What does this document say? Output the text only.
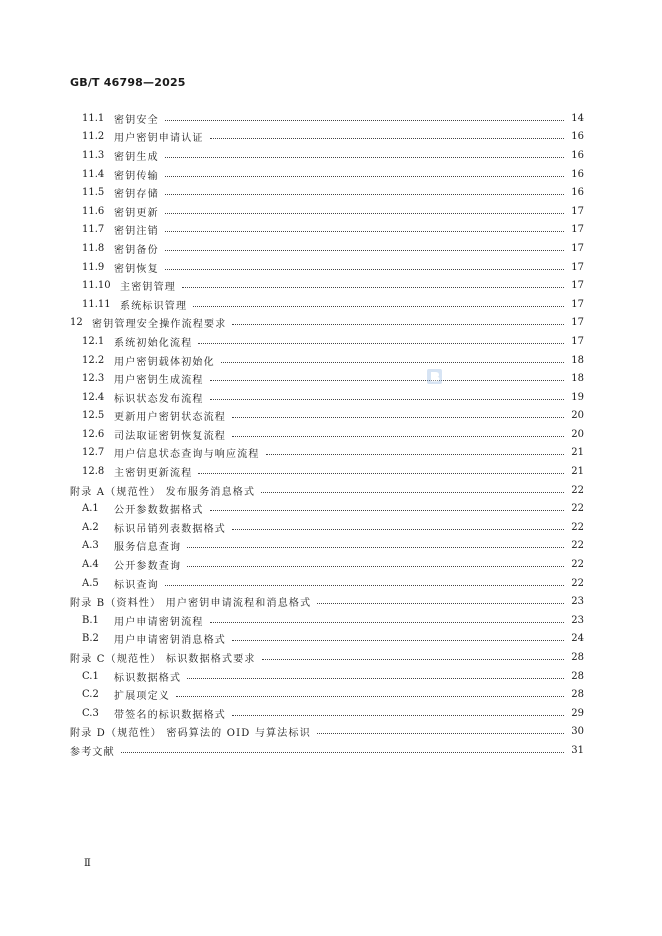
GB/T 46798—2025
11.1 密钥安全	14
11.2 用户密钥申请认证	16
11.3 密钥生成	16
11.4 密钥传输	16
11.5 密钥存储	16
11.6 密钥更新	17
11.7 密钥注销	17
11.8 密钥备份	17
11.9 密钥恢复	17
11.10 主密钥管理	17
11.11 系统标识管理	17
12 密钥管理安全操作流程要求	17
12.1 系统初始化流程	17
12.2 用户密钥载体初始化	18
12.3 用户密钥生成流程	18
12.4 标识状态发布流程	19
12.5 更新用户密钥状态流程	20
12.6 司法取证密钥恢复流程	20
12.7 用户信息状态查询与响应流程	21
12.8 主密钥更新流程	21
附录 A（规范性） 发布服务消息格式	22
A.1	公开参数数据格式	22
A.2	标识吊销列表数据格式	22
A.3	服务信息查询	22
A.4	公开参数查询	22
A.5	标识查询	22
附录 B（资料性） 用户密钥申请流程和消息格式	23
B.1	用户申请密钥流程	23
B.2	用户申请密钥消息格式	24
附录 C（规范性） 标识数据格式要求	28
C.1	标识数据格式	28
C.2	扩展项定义	28
C.3	带签名的标识数据格式	29
附录 D（规范性） 密码算法的 OID 与算法标识	30
参考文献	31
Ⅱ
